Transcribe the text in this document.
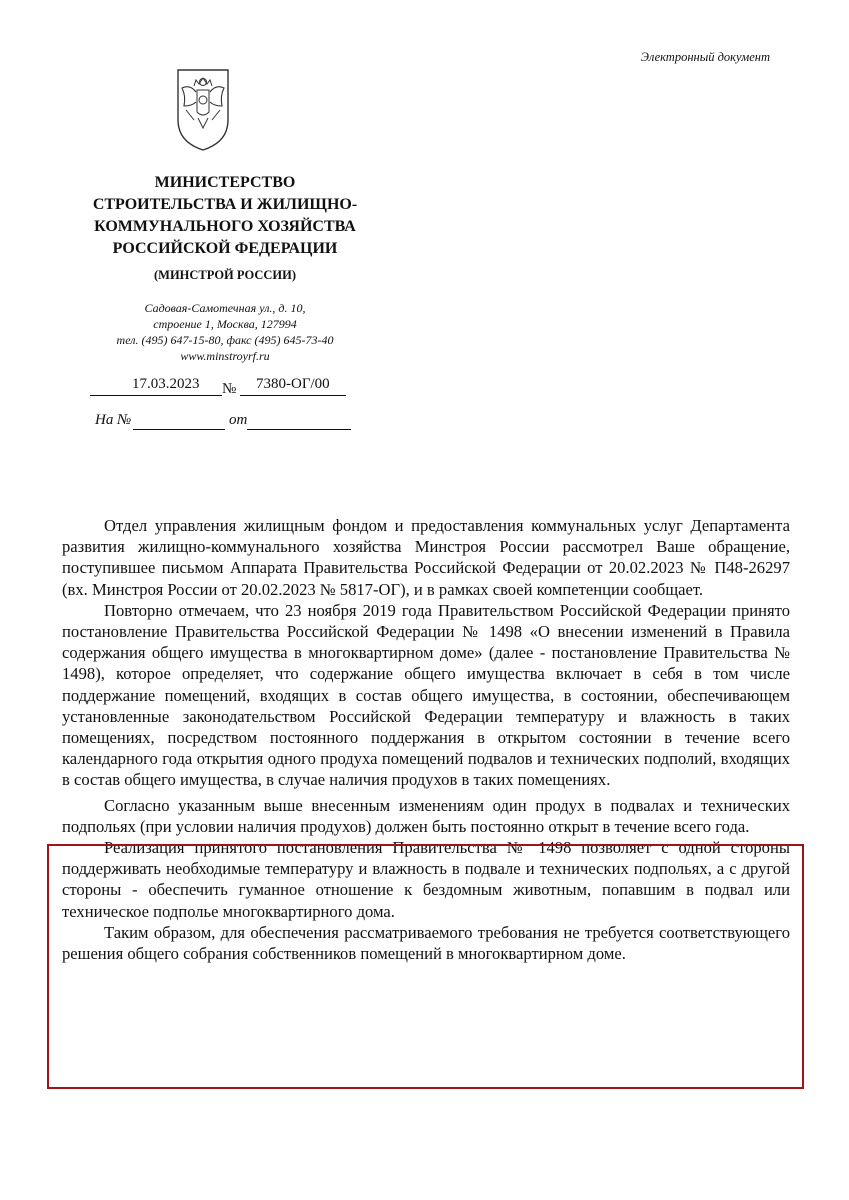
Электронный документ
МИНИСТЕРСТВО
СТРОИТЕЛЬСТВА И ЖИЛИЩНО-
КОММУНАЛЬНОГО ХОЗЯЙСТВА
РОССИЙСКОЙ ФЕДЕРАЦИИ
(МИНСТРОЙ РОССИИ)
Садовая-Самотечная ул., д. 10,
строение 1, Москва, 127994
тел. (495) 647-15-80, факс (495) 645-73-40
www.minstroyrf.ru
17.03.2023 № 7380-ОГ/00
На №	от

Отдел управления жилищным фондом и предоставления коммунальных услуг Департамента развития жилищно-коммунального хозяйства Минстроя России рассмотрел Ваше обращение, поступившее письмом Аппарата Правительства Российской Федерации от 20.02.2023 № П48-26297 (вх. Минстроя России от 20.02.2023 № 5817-ОГ), и в рамках своей компетенции сообщает.

Повторно отмечаем, что 23 ноября 2019 года Правительством Российской Федерации принято постановление Правительства Российской Федерации № 1498 «О внесении изменений в Правила содержания общего имущества в многоквартирном доме» (далее - постановление Правительства № 1498), которое определяет, что содержание общего имущества включает в себя в том числе поддержание помещений, входящих в состав общего имущества, в состоянии, обеспечивающем установленные законодательством Российской Федерации температуру и влажность в таких помещениях, посредством постоянного поддержания в открытом состоянии в течение всего календарного года открытия одного продуха помещений подвалов и технических подполий, входящих в состав общего имущества, в случае наличия продухов в таких помещениях.

Согласно указанным выше внесенным изменениям один продух в подвалах и технических подпольях (при условии наличия продухов) должен быть постоянно открыт в течение всего года.

Реализация принятого постановления Правительства № 1498 позволяет с одной стороны поддерживать необходимые температуру и влажность в подвале и технических подпольях, а с другой стороны - обеспечить гуманное отношение к бездомным животным, попавшим в подвал или техническое подполье многоквартирного дома.

Таким образом, для обеспечения рассматриваемого требования не требуется соответствующего решения общего собрания собственников помещений в многоквартирном доме.
